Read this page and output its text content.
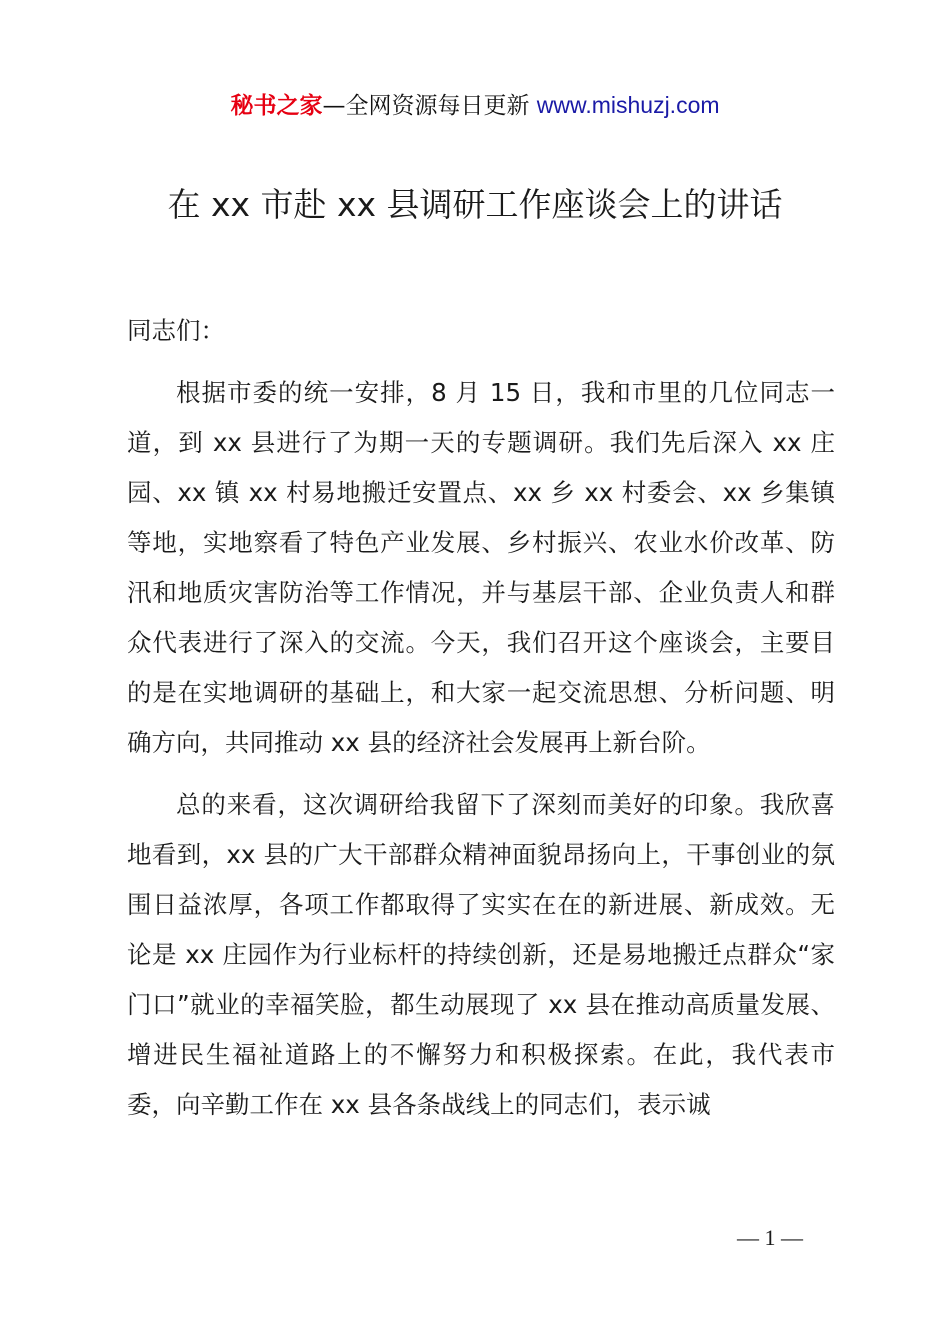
秘书之家—全网资源每日更新 www.mishuzj.com
在 xx 市赴 xx 县调研工作座谈会上的讲话

同志们：

根据市委的统一安排，8 月 15 日，我和市里的几位同志一道，到 xx 县进行了为期一天的专题调研。我们先后深入 xx 庄园、xx 镇 xx 村易地搬迁安置点、xx 乡 xx 村委会、xx 乡集镇等地，实地察看了特色产业发展、乡村振兴、农业水价改革、防汛和地质灾害防治等工作情况，并与基层干部、企业负责人和群众代表进行了深入的交流。今天，我们召开这个座谈会，主要目的是在实地调研的基础上，和大家一起交流思想、分析问题、明确方向，共同推动 xx 县的经济社会发展再上新台阶。

总的来看，这次调研给我留下了深刻而美好的印象。我欣喜地看到，xx 县的广大干部群众精神面貌昂扬向上，干事创业的氛围日益浓厚，各项工作都取得了实实在在的新进展、新成效。无论是 xx 庄园作为行业标杆的持续创新，还是易地搬迁点群众“家门口”就业的幸福笑脸，都生动展现了 xx 县在推动高质量发展、增进民生福祉道路上的不懈努力和积极探索。在此，我代表市委，向辛勤工作在 xx 县各条战线上的同志们，表示诚

— 1 —
